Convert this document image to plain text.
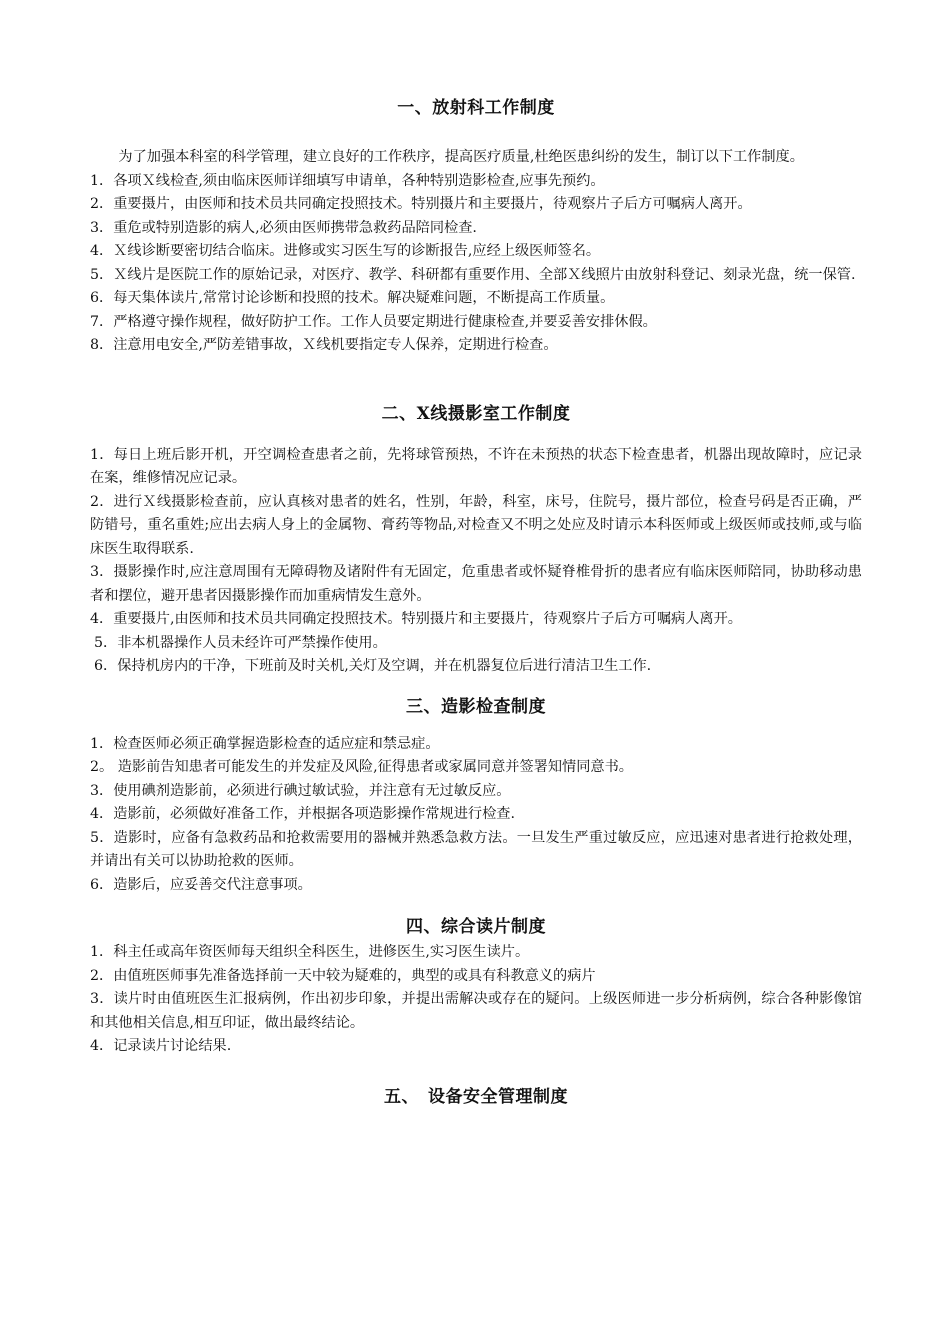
一、放射科工作制度

为了加强本科室的科学管理，建立良好的工作秩序，提高医疗质量,杜绝医患纠纷的发生，制订以下工作制度。

1．各项Ｘ线检查,须由临床医师详细填写申请单，各种特别造影检查,应事先预约。

2．重要摄片，由医师和技术员共同确定投照技术。特别摄片和主要摄片，待观察片子后方可嘱病人离开。

3．重危或特别造影的病人,必须由医师携带急救药品陪同检查.

4．Ｘ线诊断要密切结合临床。进修或实习医生写的诊断报告,应经上级医师签名。

5．Ｘ线片是医院工作的原始记录，对医疗、教学、科研都有重要作用、全部Ｘ线照片由放射科登记、刻录光盘，统一保管.

6．每天集体读片,常常讨论诊断和投照的技术。解决疑难问题，不断提高工作质量。

7．严格遵守操作规程，做好防护工作。工作人员要定期进行健康检查,并要妥善安排休假。

8．注意用电安全,严防差错事故，Ｘ线机要指定专人保养，定期进行检查。

二、X线摄影室工作制度

1．每日上班后影开机，开空调检查患者之前，先将球管预热，不许在未预热的状态下检查患者，机器出现故障时，应记录在案，维修情况应记录。

2．进行Ｘ线摄影检查前，应认真核对患者的姓名，性别，年龄，科室，床号，住院号，摄片部位，检查号码是否正确，严防错号，重名重姓;应出去病人身上的金属物、膏药等物品,对检查又不明之处应及时请示本科医师或上级医师或技师,或与临床医生取得联系.

3．摄影操作时,应注意周围有无障碍物及诸附件有无固定，危重患者或怀疑脊椎骨折的患者应有临床医师陪同，协助移动患者和摆位，避开患者因摄影操作而加重病情发生意外。

4．重要摄片,由医师和技术员共同确定投照技术。特别摄片和主要摄片，待观察片子后方可嘱病人离开。

5．非本机器操作人员未经许可严禁操作使用。

6．保持机房内的干净，下班前及时关机,关灯及空调，并在机器复位后进行清洁卫生工作.

三、造影检查制度

1．检查医师必须正确掌握造影检查的适应症和禁忌症。

2。 造影前告知患者可能发生的并发症及风险,征得患者或家属同意并签署知情同意书。

3．使用碘剂造影前，必须进行碘过敏试验，并注意有无过敏反应。

4．造影前，必须做好准备工作，并根据各项造影操作常规进行检查.

5．造影时，应备有急救药品和抢救需要用的器械并熟悉急救方法。一旦发生严重过敏反应，应迅速对患者进行抢救处理，并请出有关可以协助抢救的医师。

6．造影后，应妥善交代注意事项。

四、综合读片制度

1．科主任或高年资医师每天组织全科医生，进修医生,实习医生读片。

2．由值班医师事先准备选择前一天中较为疑难的，典型的或具有科教意义的病片

3．读片时由值班医生汇报病例，作出初步印象，并提出需解决或存在的疑问。上级医师进一步分析病例，综合各种影像馆和其他相关信息,相互印证，做出最终结论。

4．记录读片讨论结果.

五、　设备安全管理制度
